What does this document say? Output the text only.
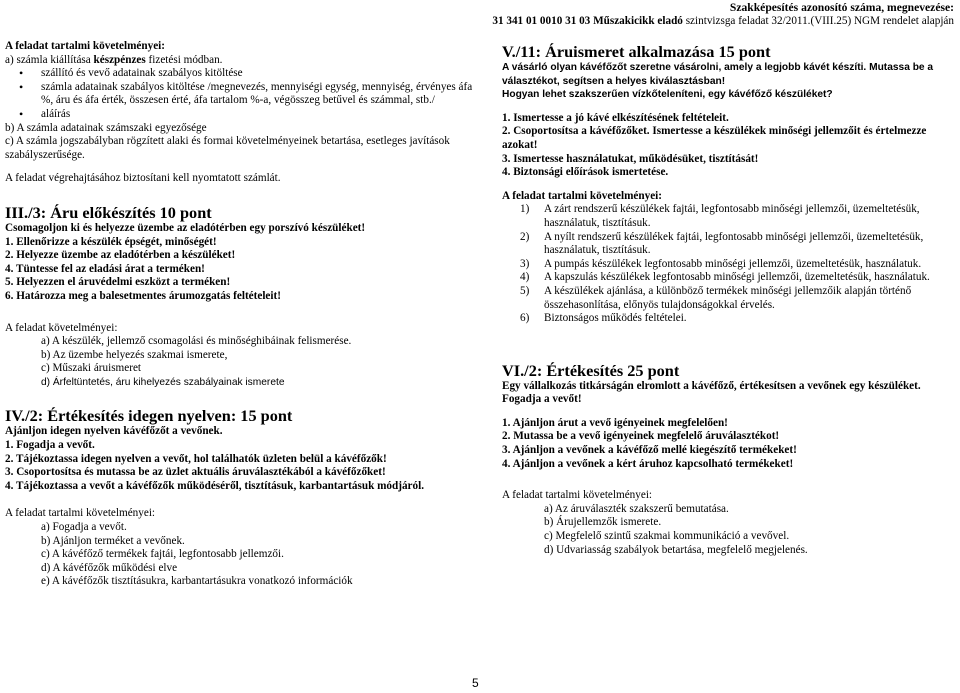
Szakképesítés azonosító száma, megnevezése:
31 341 01 0010 31 03 Műszakicikk eladó szintvizsga feladat 32/2011.(VIII.25) NGM rendelet alapján

A feladat tartalmi követelményei:

a) számla kiállítása készpénzes fizetési módban.

• szállító és vevő adatainak szabályos kitöltése
• számla adatainak szabályos kitöltése /megnevezés, mennyiségi egység, mennyiség, érvényes áfa %, áru és áfa érték, összesen érté, áfa tartalom %-a, végösszeg betűvel és számmal, stb./
• aláírás

b) A számla adatainak számszaki egyezősége

c) A számla jogszabályban rögzített alaki és formai követelményeinek betartása, esetleges javítások szabályszerűsége.

A feladat végrehajtásához biztosítani kell nyomtatott számlát.

III./3: Áru előkészítés 10 pont

Csomagoljon ki és helyezze üzembe az eladótérben egy porszívó készüléket!

1. Ellenőrizze a készülék épségét, minőségét!

2. Helyezze üzembe az eladótérben a készüléket!

4. Tüntesse fel az eladási árat a terméken!

5. Helyezzen el áruvédelmi eszközt a terméken!

6. Határozza meg a balesetmentes árumozgatás feltételeit!

A feladat követelményei:

a) A készülék, jellemző csomagolási és minőséghibáinak felismerése.

b) Az üzembe helyezés szakmai ismerete,

c) Műszaki áruismeret

d) Árfeltüntetés, áru kihelyezés szabályainak ismerete

IV./2: Értékesítés idegen nyelven: 15 pont

Ajánljon idegen nyelven kávéfőzőt a vevőnek.

1. Fogadja a vevőt.

2. Tájékoztassa idegen nyelven a vevőt, hol találhatók üzleten belül a kávéfőzők!

3. Csoportosítsa és mutassa be az üzlet aktuális áruválasztékából a kávéfőzőket!

4. Tájékoztassa a vevőt a kávéfőzők működéséről, tisztításuk, karbantartásuk módjáról.

A feladat tartalmi követelményei:

a) Fogadja a vevőt.

b) Ajánljon terméket a vevőnek.

c) A kávéfőző termékek fajtái, legfontosabb jellemzői.

d) A kávéfőzők működési elve

e) A kávéfőzők tisztításukra, karbantartásukra vonatkozó információk

V./11: Áruismeret alkalmazása 15 pont

A vásárló olyan kávéfőzőt szeretne vásárolni, amely a legjobb kávét készíti. Mutassa be a választékot, segítsen a helyes kiválasztásban!

Hogyan lehet szakszerűen vízkőteleníteni, egy kávéfőző készüléket?

1. Ismertesse a jó kávé elkészítésének feltételeit.

2. Csoportosítsa a kávéfőzőket. Ismertesse a készülékek minőségi jellemzőit és értelmezze azokat!

3. Ismertesse használatukat, működésüket, tisztítását!

4. Biztonsági előírások ismertetése.

A feladat tartalmi követelményei:

1)	A zárt rendszerű készülékek fajtái, legfontosabb minőségi jellemzői, üzemeltetésük, használatuk, tisztításuk.
2)	A nyílt rendszerű készülékek fajtái, legfontosabb minőségi jellemzői, üzemeltetésük, használatuk, tisztításuk.
3)	A pumpás készülékek legfontosabb minőségi jellemzői, üzemeltetésük, használatuk.
4)	A kapszulás készülékek legfontosabb minőségi jellemzői, üzemeltetésük, használatuk.
5)	A készülékek ajánlása, a különböző termékek minőségi jellemzőik alapján történő összehasonlítása, előnyös tulajdonságokkal érvelés.
6)	Biztonságos működés feltételei.

VI./2: Értékesítés 25 pont

Egy vállalkozás titkárságán elromlott a kávéfőző, értékesítsen a vevőnek egy készüléket. Fogadja a vevőt!

1. Ajánljon árut a vevő igényeinek megfelelően!

2. Mutassa be a vevő igényeinek megfelelő áruválasztékot!

3. Ajánljon a vevőnek a kávéfőző mellé kiegészítő termékeket!

4. Ajánljon a vevőnek a kért áruhoz kapcsolható termékeket!

A feladat tartalmi követelményei:

a) Az áruválaszték szakszerű bemutatása.

b) Árujellemzők ismerete.

c) Megfelelő szintű szakmai kommunikáció a vevővel.

d) Udvariasság szabályok betartása, megfelelő megjelenés.

5
